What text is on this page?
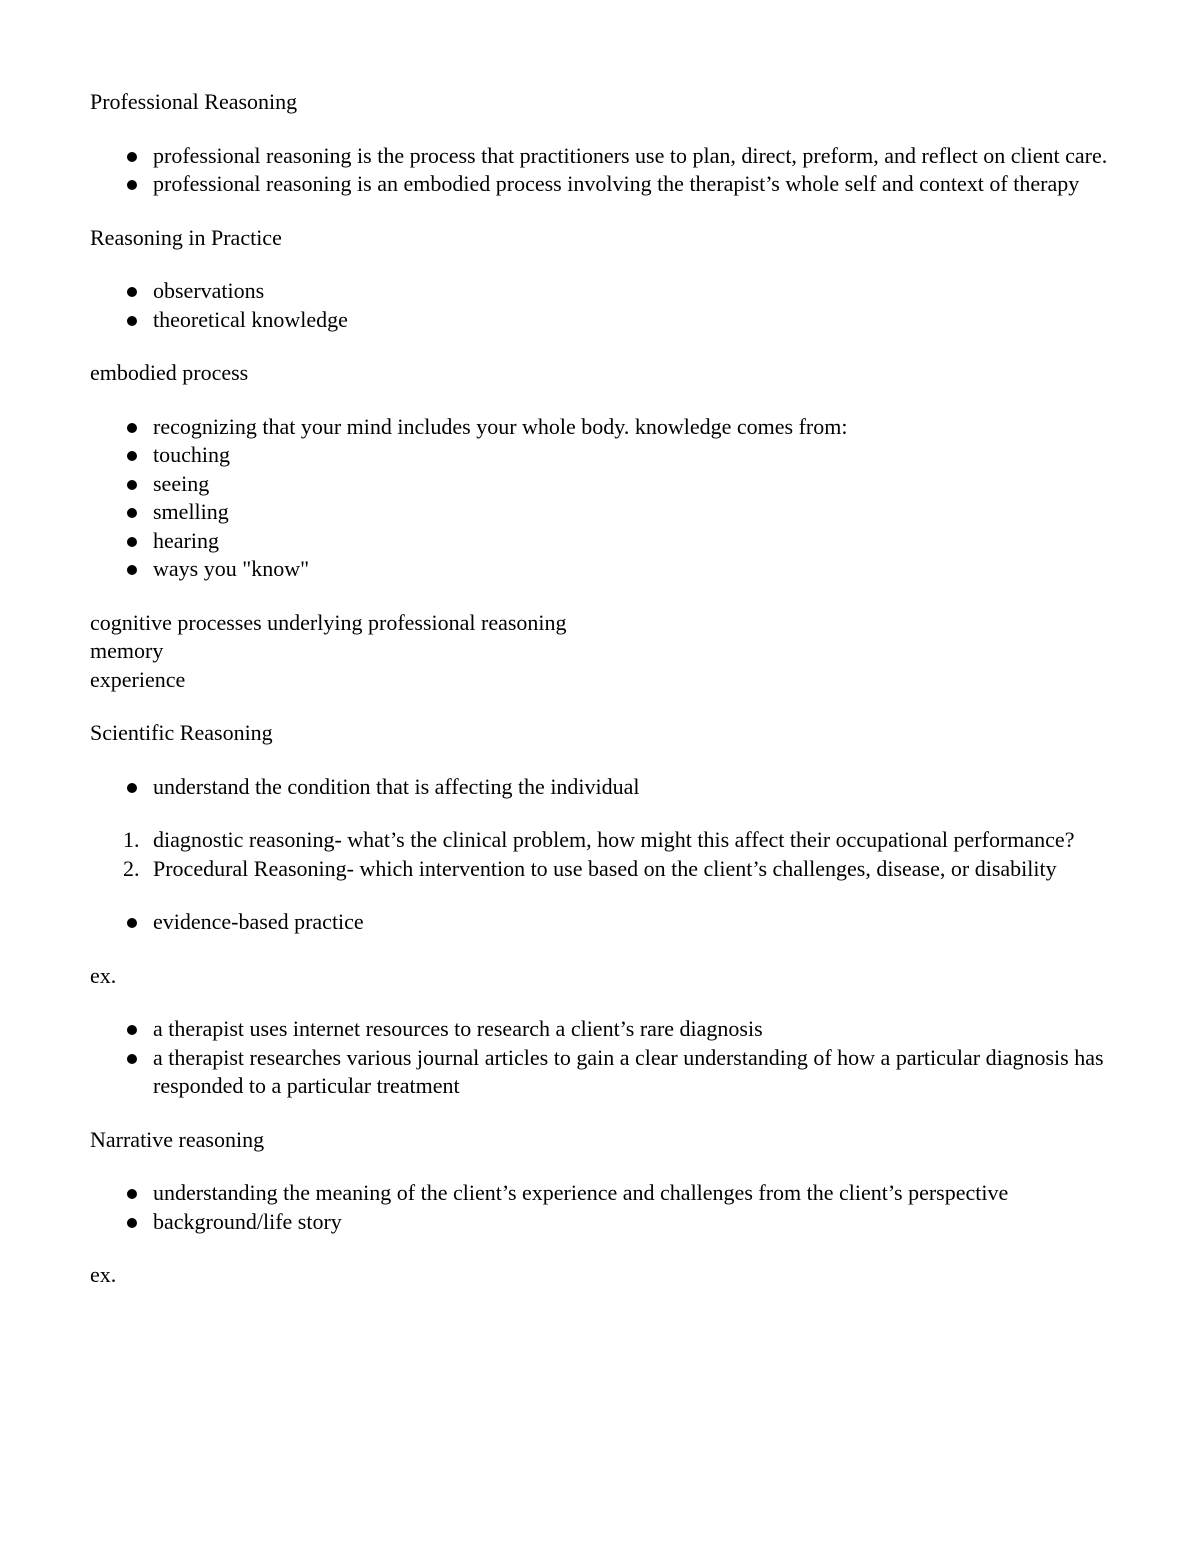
Professional Reasoning

professional reasoning is the process that practitioners use to plan, direct, preform, and reflect on client care.
professional reasoning is an embodied process involving the therapist’s whole self and context of therapy

Reasoning in Practice

observations
theoretical knowledge

embodied process

recognizing that your mind includes your whole body. knowledge comes from:
touching
seeing
smelling
hearing
ways you "know"

cognitive processes underlying professional reasoning

memory

experience

Scientific Reasoning

understand the condition that is affecting the individual
1. diagnostic reasoning- what’s the clinical problem, how might this affect their occupational performance?
2. Procedural Reasoning- which intervention to use based on the client’s challenges, disease, or disability
evidence-based practice

ex.

a therapist uses internet resources to research a client’s rare diagnosis
a therapist researches various journal articles to gain a clear understanding of how a particular diagnosis has responded to a particular treatment

Narrative reasoning

understanding the meaning of the client’s experience and challenges from the client’s perspective
background/life story

ex.
